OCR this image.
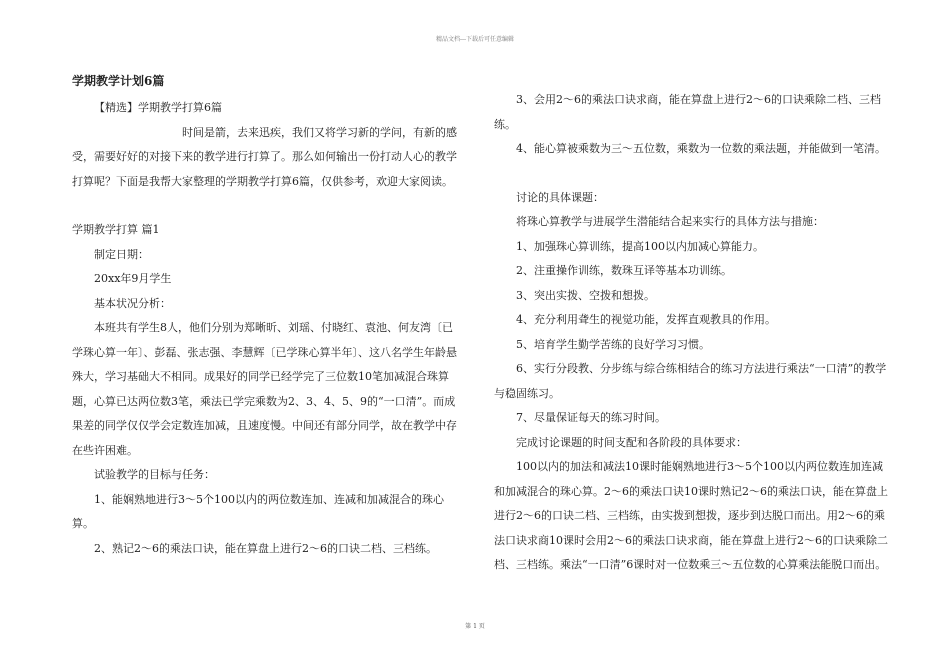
精品文档---下载后可任意编辑

学期教学计划6篇

【精选】学期教学打算6篇

时间是箭，去来迅疾，我们又将学习新的学问，有新的感受，需要好好的对接下来的教学进行打算了。那么如何输出一份打动人心的教学打算呢？下面是我帮大家整理的学期教学打算6篇，仅供参考，欢迎大家阅读。

学期教学打算 篇1

制定日期：

20xx年9月学生

基本状况分析：

本班共有学生8人，他们分别为郑晰昕、刘瑶、付晓红、袁池、何友湾〔已学珠心算一年〕、彭磊、张志强、李慧辉〔已学珠心算半年〕、这八名学生年龄悬殊大，学习基础大不相同。成果好的同学已经学完了三位数10笔加减混合珠算题，心算已达两位数3笔，乘法已学完乘数为2、3、4、5、9的“一口清”。而成果差的同学仅仅学会定数连加减，且速度慢。中间还有部分同学，故在教学中存在些许困难。

试验教学的目标与任务：

1、能娴熟地进行3～5个100以内的两位数连加、连减和加减混合的珠心算。

2、熟记2～6的乘法口诀，能在算盘上进行2～6的口诀二档、三档练。

3、会用2～6的乘法口诀求商，能在算盘上进行2～6的口诀乘除二档、三档练。

4、能心算被乘数为三～五位数，乘数为一位数的乘法题，并能做到一笔清。

讨论的具体课题：

将珠心算教学与进展学生潜能结合起来实行的具体方法与措施：

1、加强珠心算训练，提高100以内加减心算能力。

2、注重操作训练，数珠互译等基本功训练。

3、突出实拨、空拨和想拨。

4、充分利用聋生的视觉功能，发挥直观教具的作用。

5、培育学生勤学苦练的良好学习习惯。

6、实行分段教、分步练与综合练相结合的练习方法进行乘法“一口清”的教学与稳固练习。

7、尽量保证每天的练习时间。

完成讨论课题的时间支配和各阶段的具体要求：

100以内的加法和减法10课时能娴熟地进行3～5个100以内两位数连加连减和加减混合的珠心算。2～6的乘法口诀10课时熟记2～6的乘法口诀，能在算盘上进行2～6的口诀二档、三档练，由实拨到想拨，逐步到达脱口而出。用2～6的乘法口诀求商10课时会用2～6的乘法口诀求商，能在算盘上进行2～6的口诀乘除二档、三档练。乘法“一口清”6课时对一位数乘三～五位数的心算乘法能脱口而出。

第 1 页
